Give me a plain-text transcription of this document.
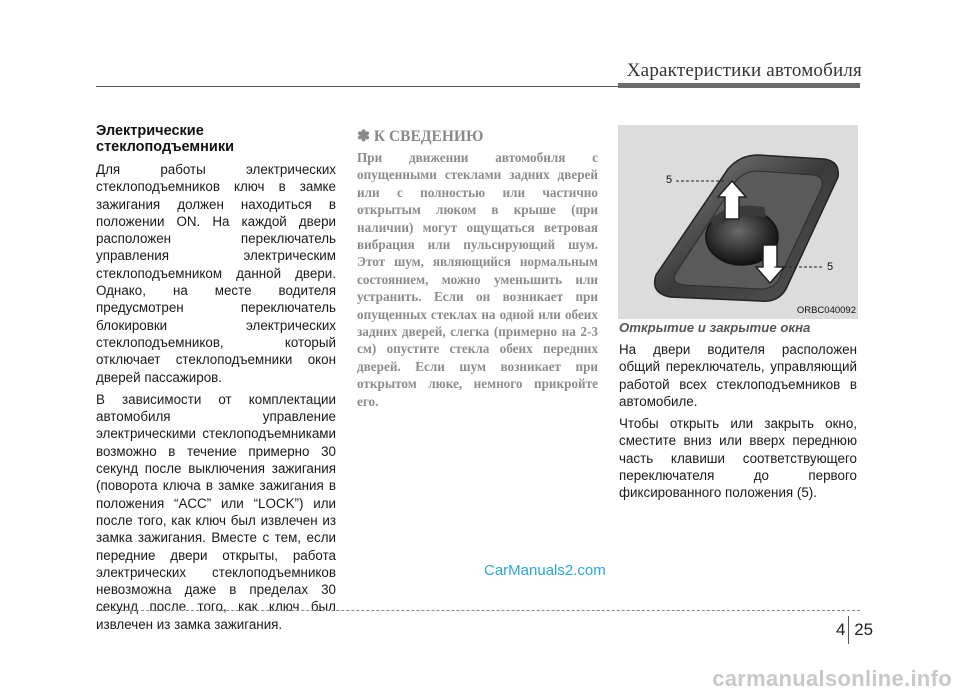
Характеристики автомобиля
Электрические стеклоподъемники

Для работы электрических стеклоподъемников ключ в замке зажигания должен находиться в положении ON. На каждой двери расположен переключатель управления электрическим стеклоподъемником данной двери. Однако, на месте водителя предусмотрен переключатель блокировки электрических стеклоподъемников, который отключает стеклоподъемники окон дверей пассажиров.

В зависимости от комплектации автомобиля управление электрическими стеклоподъемниками возможно в течение примерно 30 секунд после выключения зажигания (поворота ключа в замке зажигания в положения “ACC” или “LOCK”) или после того, как ключ был извлечен из замка зажигания. Вместе с тем, если передние двери открыты, работа электрических стеклоподъемников невозможна даже в пределах 30 секунд после того, как ключ был извлечен из замка зажигания.

✽ К СВЕДЕНИЮ

При движении автомобиля с опущенными стеклами задних дверей или с полностью или частично открытым люком в крыше (при наличии) могут ощущаться ветровая вибрация или пульсирующий шум. Этот шум, являющийся нормальным состоянием, можно уменьшить или устранить. Если он возникает при опущенных стеклах на одной или обеих задних дверей, слегка (примерно на 2-3 см) опустите стекла обеих передних дверей. Если шум возникает при открытом люке, немного прикройте его.

5
5
ORBC040092
Открытие и закрытие окна

На двери водителя расположен общий переключатель, управляющий работой всех стеклоподъемников в автомобиле.

Чтобы открыть или закрыть окно, сместите вниз или вверх переднюю часть клавиши соответствующего переключателя до первого фиксированного положения (5).

CarManuals2.com
4 25
carmanualsonline.info
